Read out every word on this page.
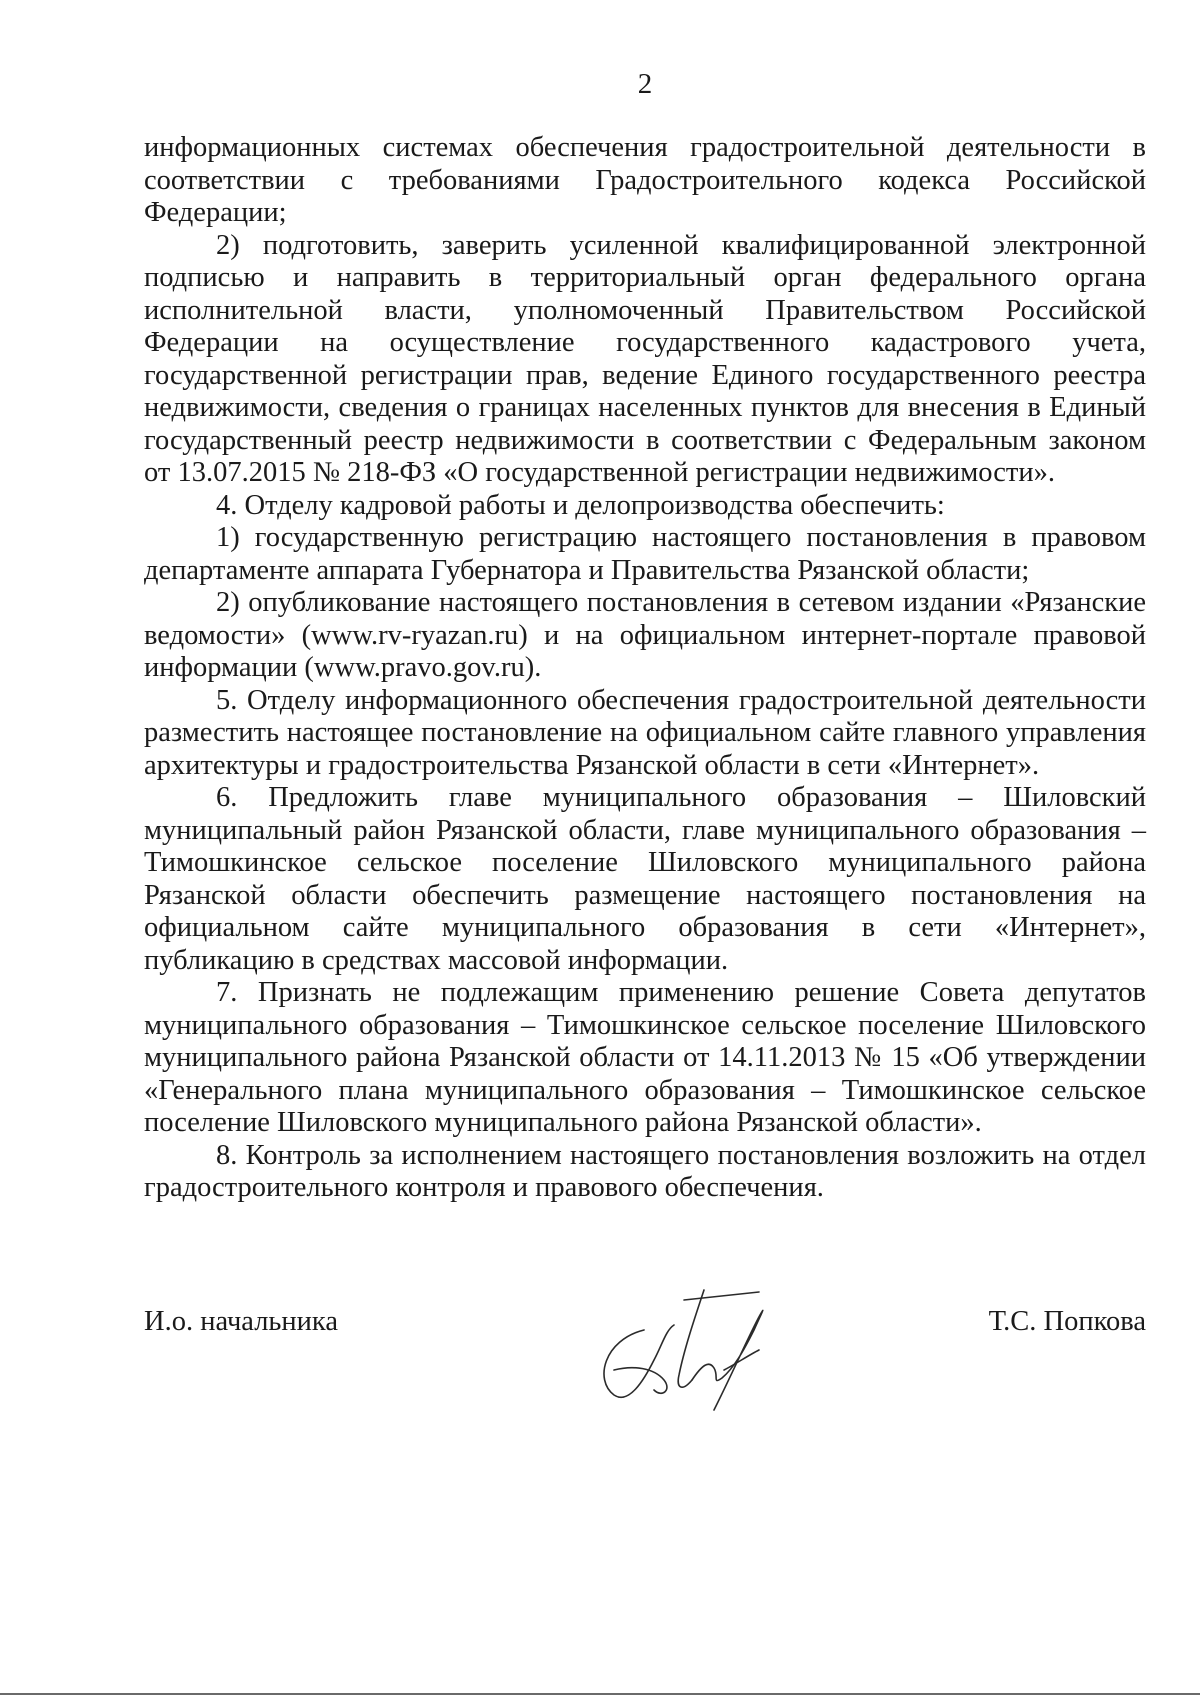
2

информационных системах обеспечения градостроительной деятельности в соответствии с требованиями Градостроительного кодекса Российской Федерации;

2) подготовить, заверить усиленной квалифицированной электронной подписью и направить в территориальный орган федерального органа исполнительной власти, уполномоченный Правительством Российской Федерации на осуществление государственного кадастрового учета, государственной регистрации прав, ведение Единого государственного реестра недвижимости, сведения о границах населенных пунктов для внесения в Единый государственный реестр недвижимости в соответствии с Федеральным законом от 13.07.2015 № 218-ФЗ «О государственной регистрации недвижимости».

4. Отделу кадровой работы и делопроизводства обеспечить:

1) государственную регистрацию настоящего постановления в правовом департаменте аппарата Губернатора и Правительства Рязанской области;

2) опубликование настоящего постановления в сетевом издании «Рязанские ведомости» (www.rv-ryazan.ru) и на официальном интернет-портале правовой информации (www.pravo.gov.ru).

5. Отделу информационного обеспечения градостроительной деятельности разместить настоящее постановление на официальном сайте главного управления архитектуры и градостроительства Рязанской области в сети «Интернет».

6. Предложить главе муниципального образования – Шиловский муниципальный район Рязанской области, главе муниципального образования – Тимошкинское сельское поселение Шиловского муниципального района Рязанской области обеспечить размещение настоящего постановления на официальном сайте муниципального образования в сети «Интернет», публикацию в средствах массовой информации.

7. Признать не подлежащим применению решение Совета депутатов муниципального образования – Тимошкинское сельское поселение Шиловского муниципального района Рязанской области от 14.11.2013 № 15 «Об утверждении «Генерального плана муниципального образования – Тимошкинское сельское поселение Шиловского муниципального района Рязанской области».

8. Контроль за исполнением настоящего постановления возложить на отдел градостроительного контроля и правового обеспечения.

И.о. начальника	Т.С. Попкова
